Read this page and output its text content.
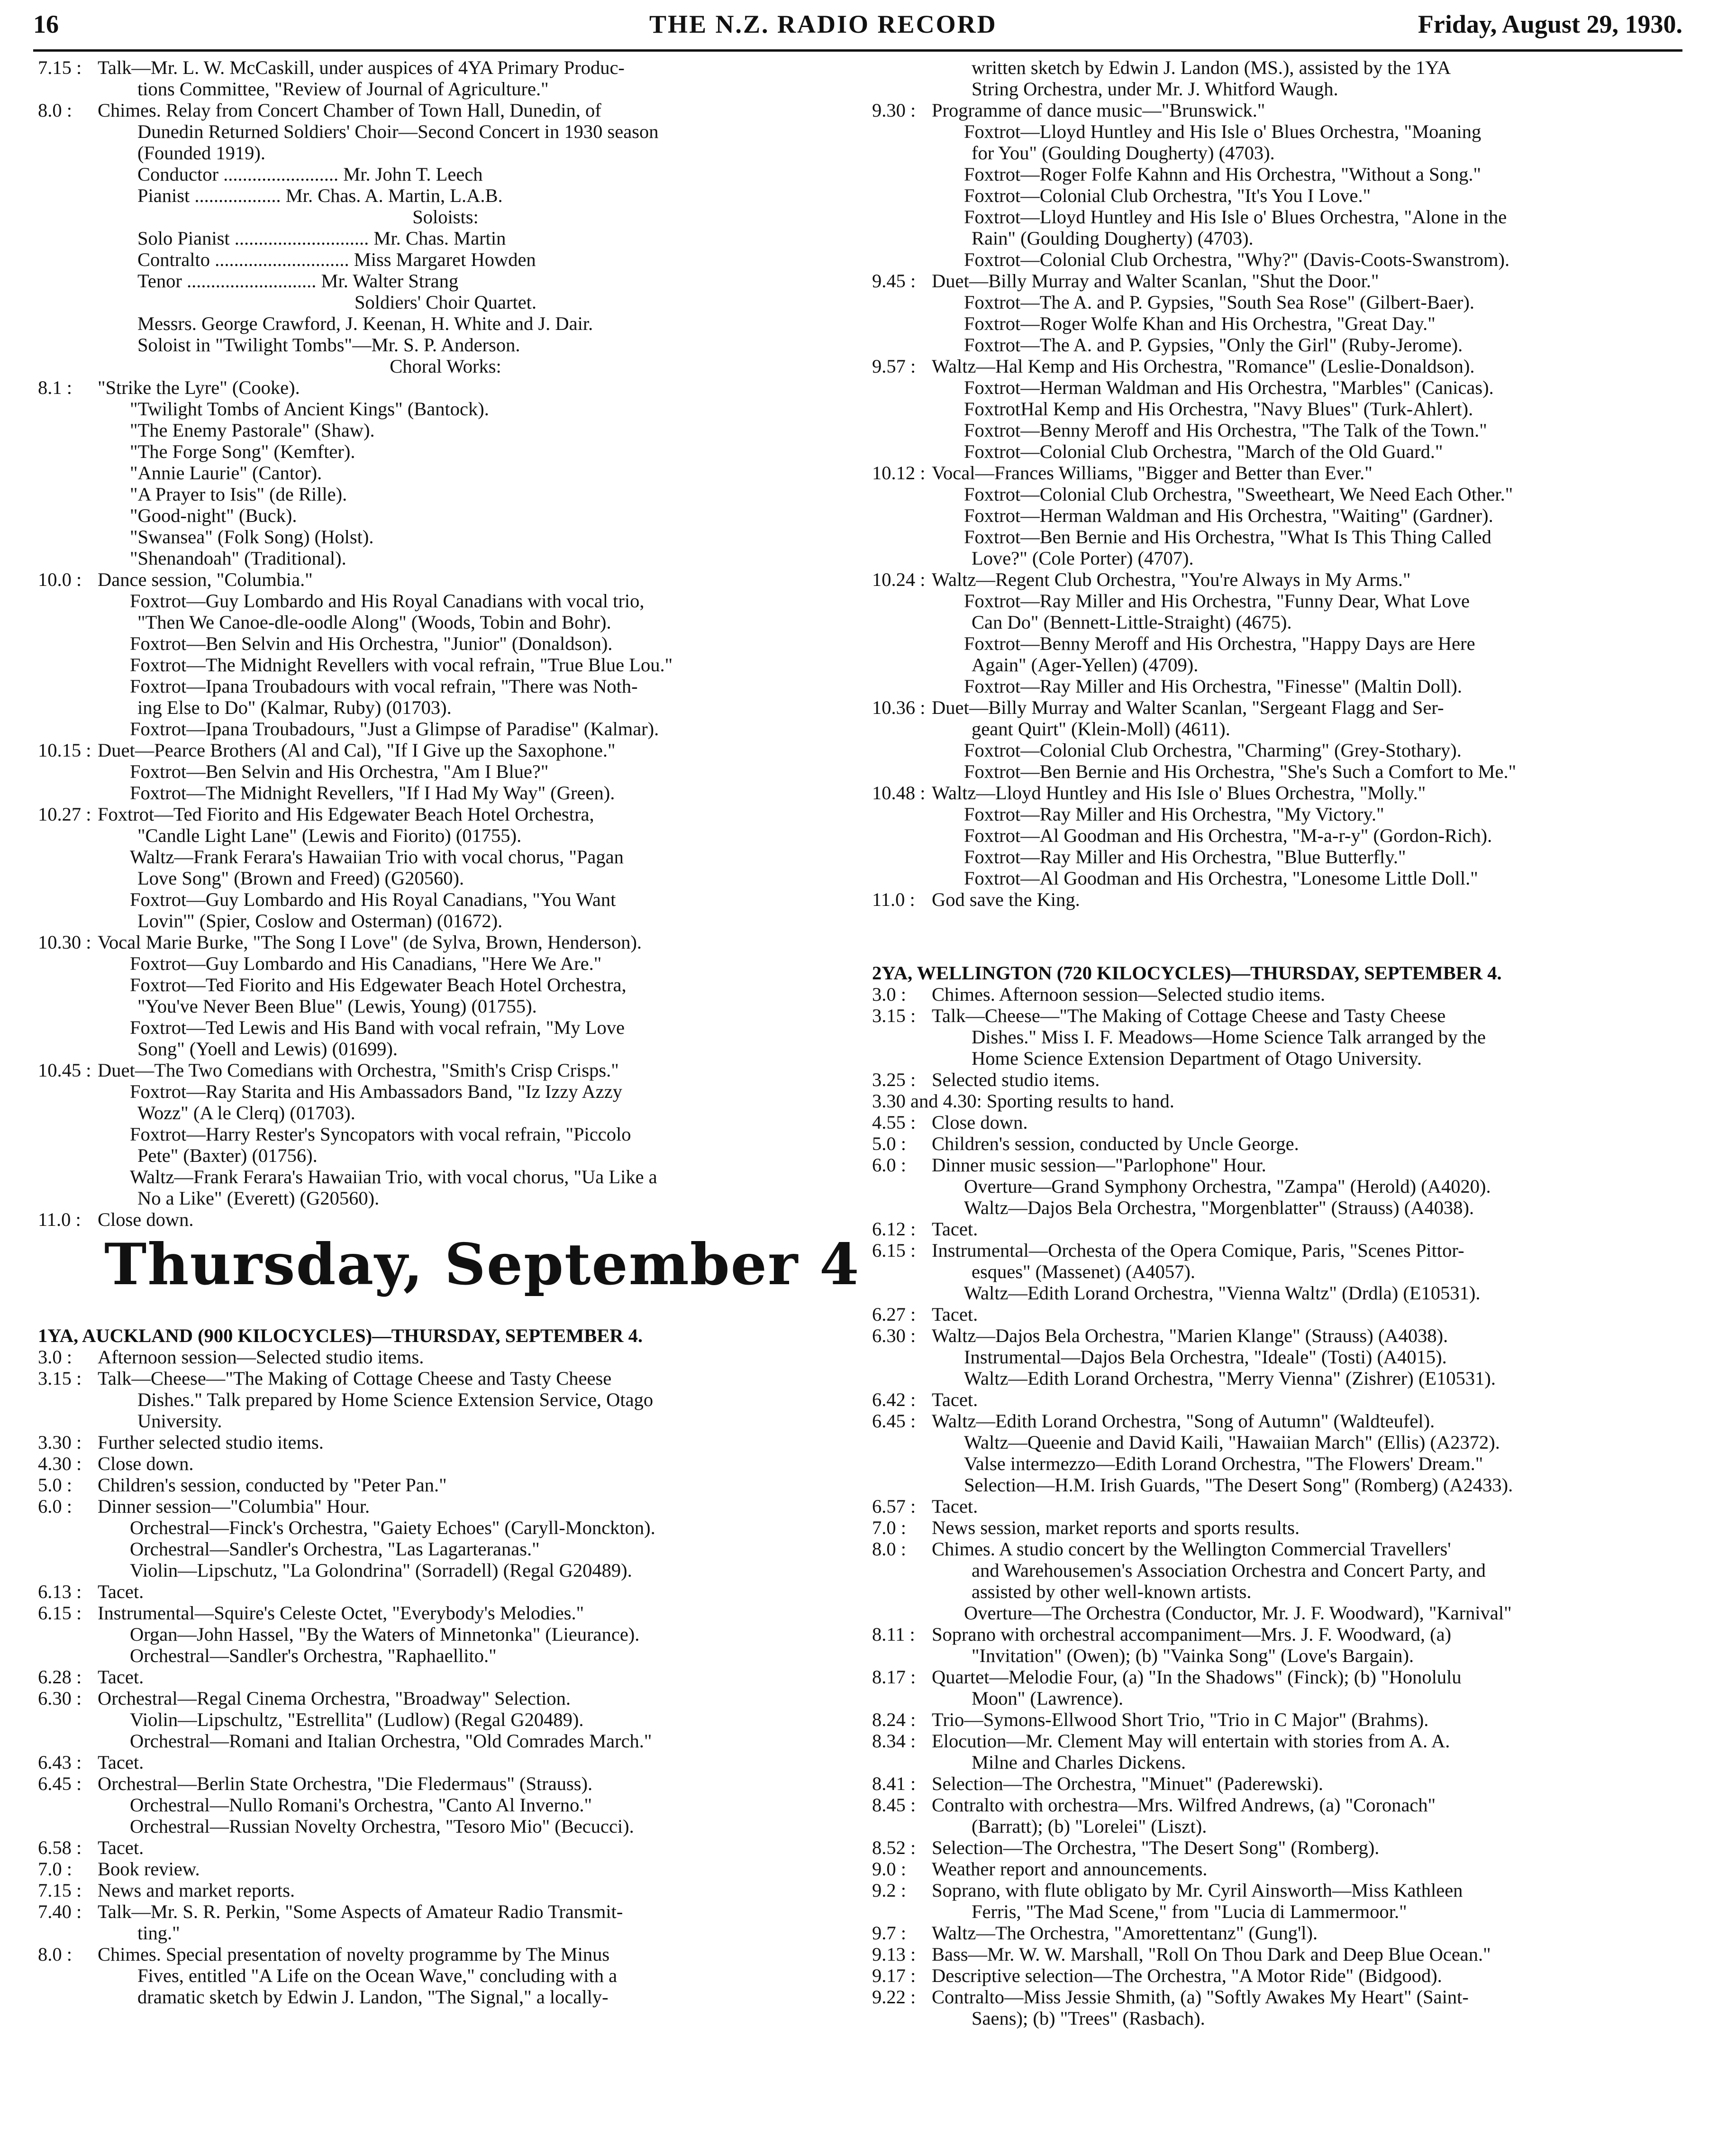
16	THE N.Z. RADIO RECORD	Friday, August 29, 1930.
7.15 : Talk—Mr. L. W. McCaskill, under auspices of 4YA Primary Produc-
tions Committee, "Review of Journal of Agriculture."
8.0 : Chimes. Relay from Concert Chamber of Town Hall, Dunedin, of
Dunedin Returned Soldiers' Choir—Second Concert in 1930 season
(Founded 1919).
Conductor ........................ Mr. John T. Leech
Pianist .................. Mr. Chas. A. Martin, L.A.B.
Soloists:
Solo Pianist ............................ Mr. Chas. Martin
Contralto ............................ Miss Margaret Howden
Tenor ........................... Mr. Walter Strang
Soldiers' Choir Quartet.
Messrs. George Crawford, J. Keenan, H. White and J. Dair.
Soloist in "Twilight Tombs"—Mr. S. P. Anderson.
Choral Works:
8.1 : "Strike the Lyre" (Cooke).
"Twilight Tombs of Ancient Kings" (Bantock).
"The Enemy Pastorale" (Shaw).
"The Forge Song" (Kemfter).
"Annie Laurie" (Cantor).
"A Prayer to Isis" (de Rille).
"Good-night" (Buck).
"Swansea" (Folk Song) (Holst).
"Shenandoah" (Traditional).
10.0 : Dance session, "Columbia."
Foxtrot—Guy Lombardo and His Royal Canadians with vocal trio,
"Then We Canoe-dle-oodle Along" (Woods, Tobin and Bohr).
Foxtrot—Ben Selvin and His Orchestra, "Junior" (Donaldson).
Foxtrot—The Midnight Revellers with vocal refrain, "True Blue Lou."
Foxtrot—Ipana Troubadours with vocal refrain, "There was Noth-
ing Else to Do" (Kalmar, Ruby) (01703).
Foxtrot—Ipana Troubadours, "Just a Glimpse of Paradise" (Kalmar).
10.15 : Duet—Pearce Brothers (Al and Cal), "If I Give up the Saxophone."
Foxtrot—Ben Selvin and His Orchestra, "Am I Blue?"
Foxtrot—The Midnight Revellers, "If I Had My Way" (Green).
10.27 : Foxtrot—Ted Fiorito and His Edgewater Beach Hotel Orchestra,
"Candle Light Lane" (Lewis and Fiorito) (01755).
Waltz—Frank Ferara's Hawaiian Trio with vocal chorus, "Pagan
Love Song" (Brown and Freed) (G20560).
Foxtrot—Guy Lombardo and His Royal Canadians, "You Want
Lovin'" (Spier, Coslow and Osterman) (01672).
10.30 : Vocal Marie Burke, "The Song I Love" (de Sylva, Brown, Henderson).
Foxtrot—Guy Lombardo and His Canadians, "Here We Are."
Foxtrot—Ted Fiorito and His Edgewater Beach Hotel Orchestra,
"You've Never Been Blue" (Lewis, Young) (01755).
Foxtrot—Ted Lewis and His Band with vocal refrain, "My Love
Song" (Yoell and Lewis) (01699).
10.45 : Duet—The Two Comedians with Orchestra, "Smith's Crisp Crisps."
Foxtrot—Ray Starita and His Ambassadors Band, "Iz Izzy Azzy
Wozz" (A le Clerq) (01703).
Foxtrot—Harry Rester's Syncopators with vocal refrain, "Piccolo
Pete" (Baxter) (01756).
Waltz—Frank Ferara's Hawaiian Trio, with vocal chorus, "Ua Like a
No a Like" (Everett) (G20560).
11.0 : Close down.
Thursday, September 4
1YA, AUCKLAND (900 KILOCYCLES)—THURSDAY, SEPTEMBER 4.
3.0 : Afternoon session—Selected studio items.
3.15 : Talk—Cheese—"The Making of Cottage Cheese and Tasty Cheese
Dishes." Talk prepared by Home Science Extension Service, Otago
University.
3.30 : Further selected studio items.
4.30 : Close down.
5.0 : Children's session, conducted by "Peter Pan."
6.0 : Dinner session—"Columbia" Hour.
Orchestral—Finck's Orchestra, "Gaiety Echoes" (Caryll-Monckton).
Orchestral—Sandler's Orchestra, "Las Lagarteranas."
Violin—Lipschutz, "La Golondrina" (Sorradell) (Regal G20489).
6.13 : Tacet.
6.15 : Instrumental—Squire's Celeste Octet, "Everybody's Melodies."
Organ—John Hassel, "By the Waters of Minnetonka" (Lieurance).
Orchestral—Sandler's Orchestra, "Raphaellito."
6.28 : Tacet.
6.30 : Orchestral—Regal Cinema Orchestra, "Broadway" Selection.
Violin—Lipschultz, "Estrellita" (Ludlow) (Regal G20489).
Orchestral—Romani and Italian Orchestra, "Old Comrades March."
6.43 : Tacet.
6.45 : Orchestral—Berlin State Orchestra, "Die Fledermaus" (Strauss).
Orchestral—Nullo Romani's Orchestra, "Canto Al Inverno."
Orchestral—Russian Novelty Orchestra, "Tesoro Mio" (Becucci).
6.58 : Tacet.
7.0 : Book review.
7.15 : News and market reports.
7.40 : Talk—Mr. S. R. Perkin, "Some Aspects of Amateur Radio Transmit-
ting."
8.0 : Chimes. Special presentation of novelty programme by The Minus
Fives, entitled "A Life on the Ocean Wave," concluding with a
dramatic sketch by Edwin J. Landon, "The Signal," a locally-
written sketch by Edwin J. Landon (MS.), assisted by the 1YA
String Orchestra, under Mr. J. Whitford Waugh.
9.30 : Programme of dance music—"Brunswick."
Foxtrot—Lloyd Huntley and His Isle o' Blues Orchestra, "Moaning
for You" (Goulding Dougherty) (4703).
Foxtrot—Roger Folfe Kahnn and His Orchestra, "Without a Song."
Foxtrot—Colonial Club Orchestra, "It's You I Love."
Foxtrot—Lloyd Huntley and His Isle o' Blues Orchestra, "Alone in the
Rain" (Goulding Dougherty) (4703).
Foxtrot—Colonial Club Orchestra, "Why?" (Davis-Coots-Swanstrom).
9.45 : Duet—Billy Murray and Walter Scanlan, "Shut the Door."
Foxtrot—The A. and P. Gypsies, "South Sea Rose" (Gilbert-Baer).
Foxtrot—Roger Wolfe Khan and His Orchestra, "Great Day."
Foxtrot—The A. and P. Gypsies, "Only the Girl" (Ruby-Jerome).
9.57 : Waltz—Hal Kemp and His Orchestra, "Romance" (Leslie-Donaldson).
Foxtrot—Herman Waldman and His Orchestra, "Marbles" (Canicas).
FoxtrotHal Kemp and His Orchestra, "Navy Blues" (Turk-Ahlert).
Foxtrot—Benny Meroff and His Orchestra, "The Talk of the Town."
Foxtrot—Colonial Club Orchestra, "March of the Old Guard."
10.12 : Vocal—Frances Williams, "Bigger and Better than Ever."
Foxtrot—Colonial Club Orchestra, "Sweetheart, We Need Each Other."
Foxtrot—Herman Waldman and His Orchestra, "Waiting" (Gardner).
Foxtrot—Ben Bernie and His Orchestra, "What Is This Thing Called
Love?" (Cole Porter) (4707).
10.24 : Waltz—Regent Club Orchestra, "You're Always in My Arms."
Foxtrot—Ray Miller and His Orchestra, "Funny Dear, What Love
Can Do" (Bennett-Little-Straight) (4675).
Foxtrot—Benny Meroff and His Orchestra, "Happy Days are Here
Again" (Ager-Yellen) (4709).
Foxtrot—Ray Miller and His Orchestra, "Finesse" (Maltin Doll).
10.36 : Duet—Billy Murray and Walter Scanlan, "Sergeant Flagg and Ser-
geant Quirt" (Klein-Moll) (4611).
Foxtrot—Colonial Club Orchestra, "Charming" (Grey-Stothary).
Foxtrot—Ben Bernie and His Orchestra, "She's Such a Comfort to Me."
10.48 : Waltz—Lloyd Huntley and His Isle o' Blues Orchestra, "Molly."
Foxtrot—Ray Miller and His Orchestra, "My Victory."
Foxtrot—Al Goodman and His Orchestra, "M-a-r-y" (Gordon-Rich).
Foxtrot—Ray Miller and His Orchestra, "Blue Butterfly."
Foxtrot—Al Goodman and His Orchestra, "Lonesome Little Doll."
11.0 : God save the King.
2YA, WELLINGTON (720 KILOCYCLES)—THURSDAY, SEPTEMBER 4.
3.0 : Chimes. Afternoon session—Selected studio items.
3.15 : Talk—Cheese—"The Making of Cottage Cheese and Tasty Cheese
Dishes." Miss I. F. Meadows—Home Science Talk arranged by the
Home Science Extension Department of Otago University.
3.25 : Selected studio items.
3.30 and 4.30: Sporting results to hand.
4.55 : Close down.
5.0 : Children's session, conducted by Uncle George.
6.0 : Dinner music session—"Parlophone" Hour.
Overture—Grand Symphony Orchestra, "Zampa" (Herold) (A4020).
Waltz—Dajos Bela Orchestra, "Morgenblatter" (Strauss) (A4038).
6.12 : Tacet.
6.15 : Instrumental—Orchesta of the Opera Comique, Paris, "Scenes Pittor-
esques" (Massenet) (A4057).
Waltz—Edith Lorand Orchestra, "Vienna Waltz" (Drdla) (E10531).
6.27 : Tacet.
6.30 : Waltz—Dajos Bela Orchestra, "Marien Klange" (Strauss) (A4038).
Instrumental—Dajos Bela Orchestra, "Ideale" (Tosti) (A4015).
Waltz—Edith Lorand Orchestra, "Merry Vienna" (Zishrer) (E10531).
6.42 : Tacet.
6.45 : Waltz—Edith Lorand Orchestra, "Song of Autumn" (Waldteufel).
Waltz—Queenie and David Kaili, "Hawaiian March" (Ellis) (A2372).
Valse intermezzo—Edith Lorand Orchestra, "The Flowers' Dream."
Selection—H.M. Irish Guards, "The Desert Song" (Romberg) (A2433).
6.57 : Tacet.
7.0 : News session, market reports and sports results.
8.0 : Chimes. A studio concert by the Wellington Commercial Travellers'
and Warehousemen's Association Orchestra and Concert Party, and
assisted by other well-known artists.
Overture—The Orchestra (Conductor, Mr. J. F. Woodward), "Karnival"
8.11 : Soprano with orchestral accompaniment—Mrs. J. F. Woodward, (a)
"Invitation" (Owen); (b) "Vainka Song" (Love's Bargain).
8.17 : Quartet—Melodie Four, (a) "In the Shadows" (Finck); (b) "Honolulu
Moon" (Lawrence).
8.24 : Trio—Symons-Ellwood Short Trio, "Trio in C Major" (Brahms).
8.34 : Elocution—Mr. Clement May will entertain with stories from A. A.
Milne and Charles Dickens.
8.41 : Selection—The Orchestra, "Minuet" (Paderewski).
8.45 : Contralto with orchestra—Mrs. Wilfred Andrews, (a) "Coronach"
(Barratt); (b) "Lorelei" (Liszt).
8.52 : Selection—The Orchestra, "The Desert Song" (Romberg).
9.0 : Weather report and announcements.
9.2 : Soprano, with flute obligato by Mr. Cyril Ainsworth—Miss Kathleen
Ferris, "The Mad Scene," from "Lucia di Lammermoor."
9.7 : Waltz—The Orchestra, "Amorettentanz" (Gung'l).
9.13 : Bass—Mr. W. W. Marshall, "Roll On Thou Dark and Deep Blue Ocean."
9.17 : Descriptive selection—The Orchestra, "A Motor Ride" (Bidgood).
9.22 : Contralto—Miss Jessie Shmith, (a) "Softly Awakes My Heart" (Saint-
Saens); (b) "Trees" (Rasbach).
